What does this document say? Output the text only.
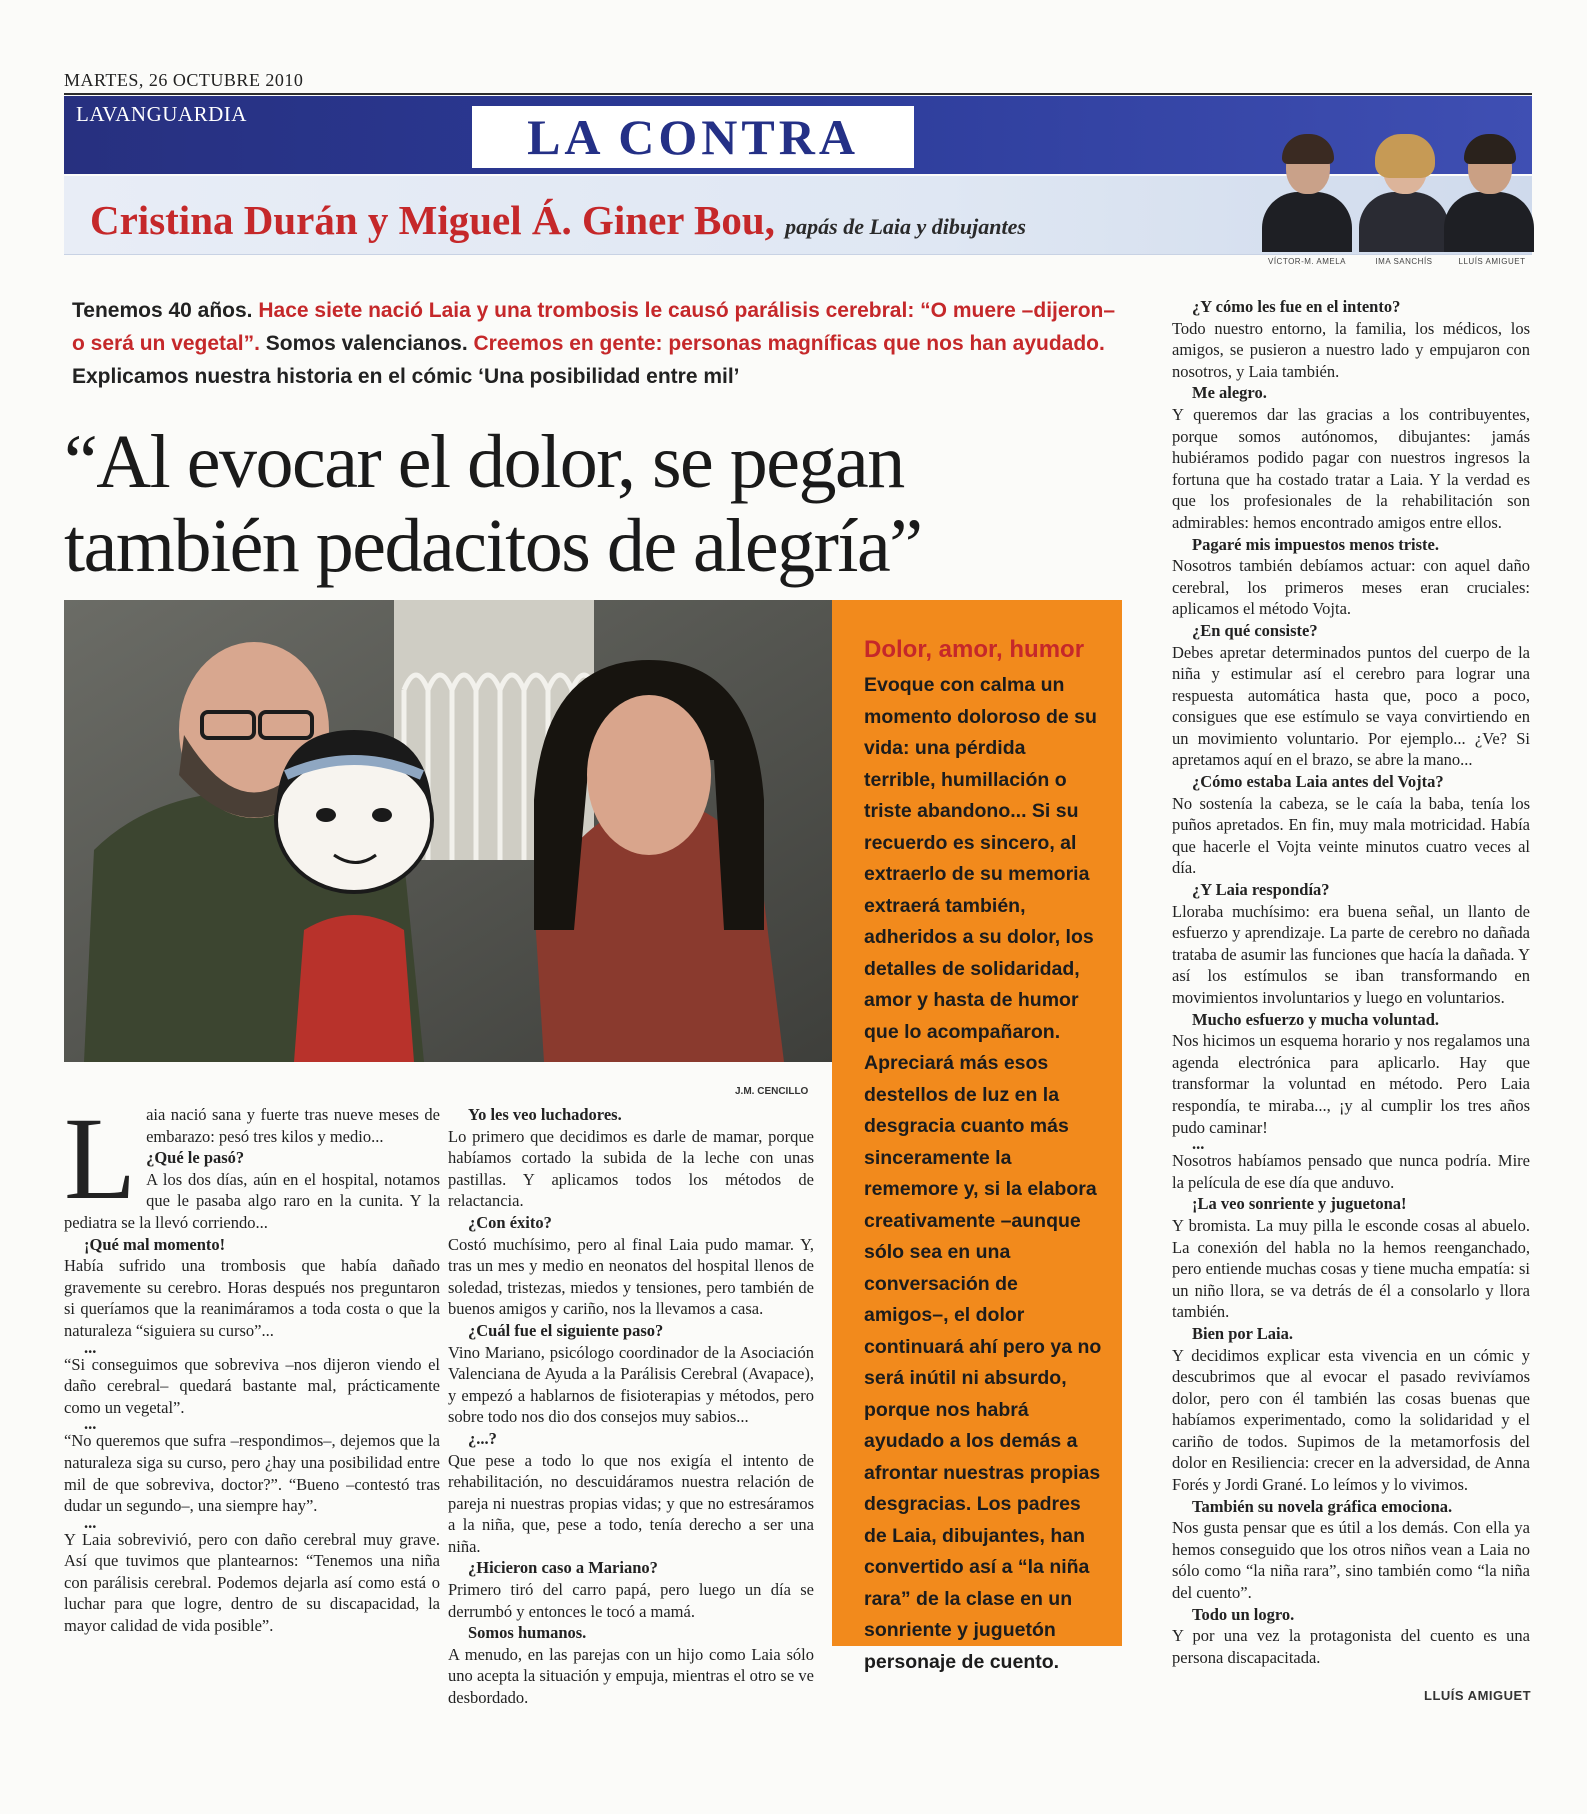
MARTES, 26 OCTUBRE 2010
LAVANGUARDIA	LA CONTRA
Cristina Durán y Miguel Á. Giner Bou, papás de Laia y dibujantes
VÍCTOR-M. AMELA	IMA SANCHÍS	LLUÍS AMIGUET
Tenemos 40 años. Hace siete nació Laia y una trombosis le causó parálisis cerebral: “O muere –dijeron– o será un vegetal”. Somos valencianos. Creemos en gente: personas magníficas que nos han ayudado. Explicamos nuestra historia en el cómic ‘Una posibilidad entre mil’
“Al evocar el dolor, se pegan también pedacitos de alegría”
J.M. CENCILLO
Dolor, amor, humor
Evoque con calma un momento doloroso de su vida: una pérdida terrible, humillación o triste abandono... Si su recuerdo es sincero, al extraerlo de su memoria extraerá también, adheridos a su dolor, los detalles de solidaridad, amor y hasta de humor que lo acompañaron. Apreciará más esos destellos de luz en la desgracia cuanto más sinceramente la rememore y, si la elabora creativamente –aunque sólo sea en una conversación de amigos–, el dolor continuará ahí pero ya no será inútil ni absurdo, porque nos habrá ayudado a los demás a afrontar nuestras propias desgracias. Los padres de Laia, dibujantes, han convertido así a “la niña rara” de la clase en un sonriente y juguetón personaje de cuento.

Laia nació sana y fuerte tras nueve meses de embarazo: pesó tres kilos y medio...

¿Qué le pasó?

A los dos días, aún en el hospital, notamos que le pasaba algo raro en la cunita. Y la pediatra se la llevó corriendo...

¡Qué mal momento!

Había sufrido una trombosis que había dañado gravemente su cerebro. Horas después nos preguntaron si queríamos que la reanimáramos a toda costa o que la naturaleza “siguiera su curso”...

...

“Si conseguimos que sobreviva –nos dijeron viendo el daño cerebral– quedará bastante mal, prácticamente como un vegetal”.

...

“No queremos que sufra –respondimos–, dejemos que la naturaleza siga su curso, pero ¿hay una posibilidad entre mil de que sobreviva, doctor?”. “Bueno –contestó tras dudar un segundo–, una siempre hay”.

...

Y Laia sobrevivió, pero con daño cerebral muy grave. Así que tuvimos que plantearnos: “Tenemos una niña con parálisis cerebral. Podemos dejarla así como está o luchar para que logre, dentro de su discapacidad, la mayor calidad de vida posible”.

Yo les veo luchadores.

Lo primero que decidimos es darle de mamar, porque habíamos cortado la subida de la leche con unas pastillas. Y aplicamos todos los métodos de relactancia.

¿Con éxito?

Costó muchísimo, pero al final Laia pudo mamar. Y, tras un mes y medio en neonatos del hospital llenos de soledad, tristezas, miedos y tensiones, pero también de buenos amigos y cariño, nos la llevamos a casa.

¿Cuál fue el siguiente paso?

Vino Mariano, psicólogo coordinador de la Asociación Valenciana de Ayuda a la Parálisis Cerebral (Avapace), y empezó a hablarnos de fisioterapias y métodos, pero sobre todo nos dio dos consejos muy sabios...

¿...?

Que pese a todo lo que nos exigía el intento de rehabilitación, no descuidáramos nuestra relación de pareja ni nuestras propias vidas; y que no estresáramos a la niña, que, pese a todo, tenía derecho a ser una niña.

¿Hicieron caso a Mariano?

Primero tiró del carro papá, pero luego un día se derrumbó y entonces le tocó a mamá.

Somos humanos.

A menudo, en las parejas con un hijo como Laia sólo uno acepta la situación y empuja, mientras el otro se ve desbordado.

¿Y cómo les fue en el intento?

Todo nuestro entorno, la familia, los médicos, los amigos, se pusieron a nuestro lado y empujaron con nosotros, y Laia también.

Me alegro.

Y queremos dar las gracias a los contribuyentes, porque somos autónomos, dibujantes: jamás hubiéramos podido pagar con nuestros ingresos la fortuna que ha costado tratar a Laia. Y la verdad es que los profesionales de la rehabilitación son admirables: hemos encontrado amigos entre ellos.

Pagaré mis impuestos menos triste.

Nosotros también debíamos actuar: con aquel daño cerebral, los primeros meses eran cruciales: aplicamos el método Vojta.

¿En qué consiste?

Debes apretar determinados puntos del cuerpo de la niña y estimular así el cerebro para lograr una respuesta automática hasta que, poco a poco, consigues que ese estímulo se vaya convirtiendo en un movimiento voluntario. Por ejemplo... ¿Ve? Si apretamos aquí en el brazo, se abre la mano...

¿Cómo estaba Laia antes del Vojta?

No sostenía la cabeza, se le caía la baba, tenía los puños apretados. En fin, muy mala motricidad. Había que hacerle el Vojta veinte minutos cuatro veces al día.

¿Y Laia respondía?

Lloraba muchísimo: era buena señal, un llanto de esfuerzo y aprendizaje. La parte de cerebro no dañada trataba de asumir las funciones que hacía la dañada. Y así los estímulos se iban transformando en movimientos involuntarios y luego en voluntarios.

Mucho esfuerzo y mucha voluntad.

Nos hicimos un esquema horario y nos regalamos una agenda electrónica para aplicarlo. Hay que transformar la voluntad en método. Pero Laia respondía, te miraba..., ¡y al cumplir los tres años pudo caminar!

...

Nosotros habíamos pensado que nunca podría. Mire la película de ese día que anduvo.

¡La veo sonriente y juguetona!

Y bromista. La muy pilla le esconde cosas al abuelo. La conexión del habla no la hemos reenganchado, pero entiende muchas cosas y tiene mucha empatía: si un niño llora, se va detrás de él a consolarlo y llora también.

Bien por Laia.

Y decidimos explicar esta vivencia en un cómic y descubrimos que al evocar el pasado revivíamos dolor, pero con él también las cosas buenas que habíamos experimentado, como la solidaridad y el cariño de todos. Supimos de la metamorfosis del dolor en Resiliencia: crecer en la adversidad, de Anna Forés y Jordi Grané. Lo leímos y lo vivimos.

También su novela gráfica emociona.

Nos gusta pensar que es útil a los demás. Con ella ya hemos conseguido que los otros niños vean a Laia no sólo como “la niña rara”, sino también como “la niña del cuento”.

Todo un logro.

Y por una vez la protagonista del cuento es una persona discapacitada.

LLUÍS AMIGUET
